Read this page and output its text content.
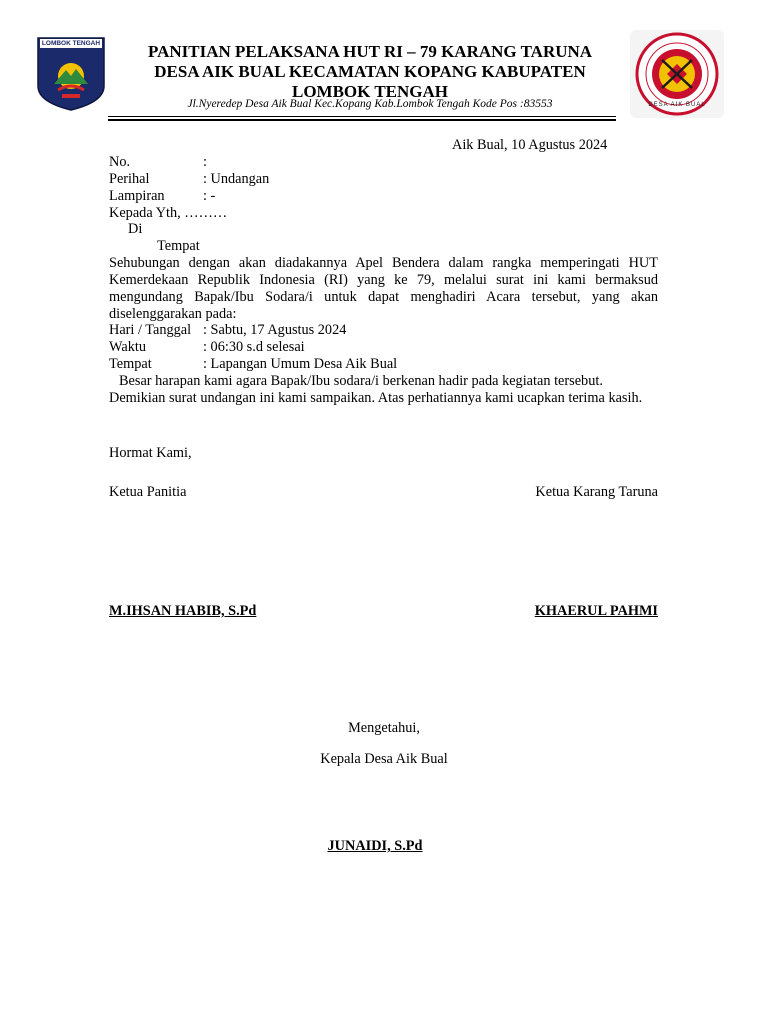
LOMBOK TENGAH	PANITIAN PELAKSANA HUT RI – 79 KARANG TARUNA
DESA AIK BUAL KECAMATAN KOPANG KABUPATEN
LOMBOK TENGAH
Jl.Nyeredep Desa Aik Bual Kec.Kopang Kab.Lombok Tengah Kode Pos :83553	DESA AIK BUAL
Aik Bual, 10 Agustus 2024
No.	:
Perihal	: Undangan
Lampiran	: -
Kepada Yth, ………
Di
Tempat
Sehubungan dengan akan diadakannya Apel Bendera dalam rangka memperingati HUT Kemerdekaan Republik Indonesia (RI) yang ke 79, melalui surat ini kami bermaksud mengundang Bapak/Ibu Sodara/i untuk dapat menghadiri Acara tersebut, yang akan diselenggarakan pada:
Hari / Tanggal : Sabtu, 17 Agustus 2024
Waktu	: 06:30 s.d selesai
Tempat	: Lapangan Umum Desa Aik Bual
Besar harapan kami agara Bapak/Ibu sodara/i berkenan hadir pada kegiatan tersebut. Demikian surat undangan ini kami sampaikan. Atas perhatiannya kami ucapkan terima kasih.
Hormat Kami,
Ketua Panitia	Ketua Karang Taruna
M.IHSAN HABIB, S.Pd	KHAERUL PAHMI
Mengetahui,
Kepala Desa Aik Bual
JUNAIDI, S.Pd
